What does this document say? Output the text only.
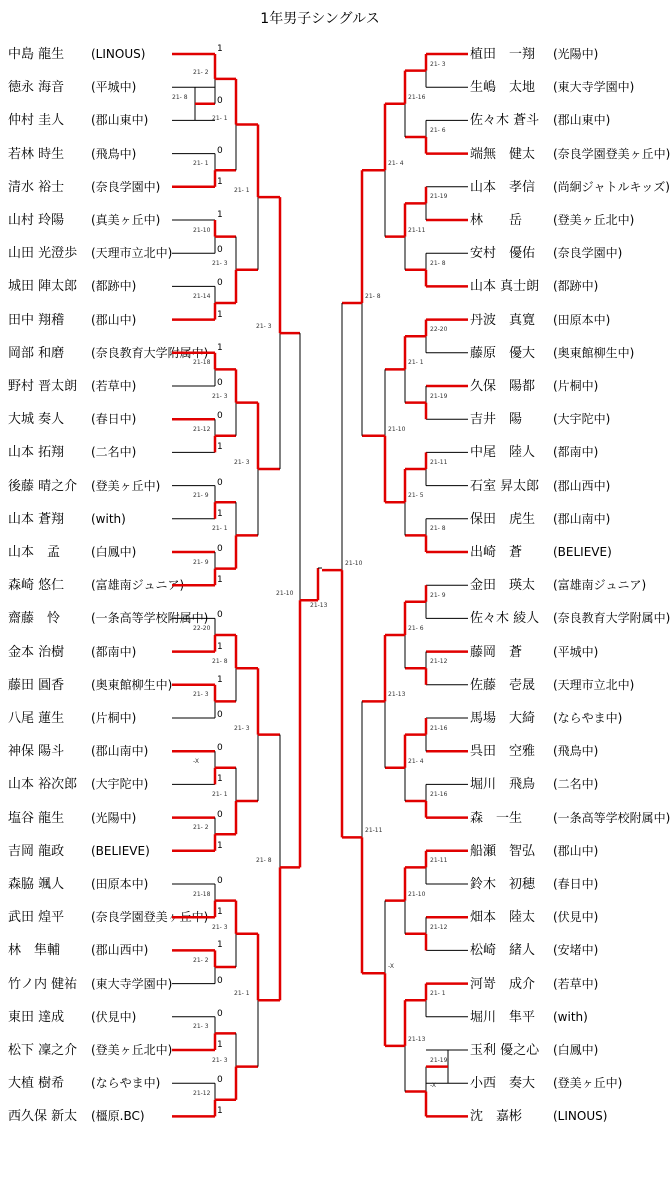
1年男子シングルス
中島 龍生 (LINOUS)
徳永 海音 (平城中)
仲村 圭人 (郡山東中)
若林 時生 (飛鳥中)
清水 裕士 (奈良学園中)
山村 玲陽 (真美ヶ丘中)
山田 光澄歩 (天理市立北中)
城田 陣太郎 (都跡中)
田中 翔稽 (郡山中)
岡部 和磨 (奈良教育大学附属中)
野村 晋太朗 (若草中)
大城 奏人 (春日中)
山本 拓翔 (二名中)
後藤 晴之介 (登美ヶ丘中)
山本 蒼翔 (with)
山本　孟	(白鳳中)
森崎 悠仁 (富雄南ジュニア)
齋藤　怜	(一条高等学校附属中)
金本 治樹 (都南中)
藤田 圓香 (奥東館柳生中)
八尾 蓮生 (片桐中)
神保 陽斗 (郡山南中)
山本 裕次郎 (大宇陀中)
塩谷 龍生 (光陽中)
吉岡 龍政 (BELIEVE)
森脇 颯人 (田原本中)
武田 煌平 (奈良学園登美ヶ丘中)
林　隼輔	(郡山西中)
竹ノ内 健祐 (東大寺学園中)
東田 達成 (伏見中)
松下 凜之介 (登美ヶ丘北中)
大植 樹希 (ならやま中)
西久保 新太 (橿原.BC)
植田　一翔 (光陽中)
生嶋　太地 (東大寺学園中)
佐々木 蒼斗 (郡山東中)
端無　健太 (奈良学園登美ヶ丘中)
山本　孝信 (尚絅ジャトルキッズ)
林　　岳	(登美ヶ丘北中)
安村　優佑 (奈良学園中)
山本 真士朗 (都跡中)
丹波　真寛 (田原本中)
藤原　優大 (奥東館柳生中)
久保　陽都 (片桐中)
吉井　陽	(大宇陀中)
中尾　陸人 (都南中)
石室 昇太郎 (郡山西中)
保田　虎生 (郡山南中)
出崎　蒼	(BELIEVE)
金田　瑛太 (富雄南ジュニア)
佐々木 綾人 (奈良教育大学附属中)
藤岡　蒼	(平城中)
佐藤　壱晟 (天理市立北中)
馬場　大綺 (ならやま中)
呉田　空雅 (飛鳥中)
堀川　飛鳥 (二名中)
森　一生	(一条高等学校附属中)
船瀬　智弘 (郡山中)
鈴木　初穂 (春日中)
畑本　陸太 (伏見中)
松崎　緒人 (安堵中)
河嵜　成介 (若草中)
堀川　隼平 (with)
玉利 優之心 (白鳳中)
小西　奏大 (登美ヶ丘中)
沈　嘉彬	(LINOUS)
21- 8
21- 2
1
0
21- 1
1
0
21-10
1
0
21-14
1
0
21-18
1
0
21-12
1
0
21- 9
1
0
21- 9
1
0
22-20
1
0
21- 3
1
0
-X
1
0
21- 2
1
0
21-18
1
0
21- 2
1
0
21- 3
1
0
21-12
1
0
21- 1
21- 3
21- 3
21- 1
21- 8
21- 1
21- 3
21- 3
21- 1
21- 3
21- 3
21- 1
21- 3
21- 8
21-10
21- 3
21- 6
21-19
21- 8
22-20
21-19
21-11
21- 8
21- 9
21-12
21-16
21-16
21-11
21-12
21- 1
-X
21-19
21-16
21-11
21- 1
21- 5
21- 6
21- 4
21-10
21-13
21- 4
21-10
21-13
-X
21- 8
21-11
21-10
21-13
